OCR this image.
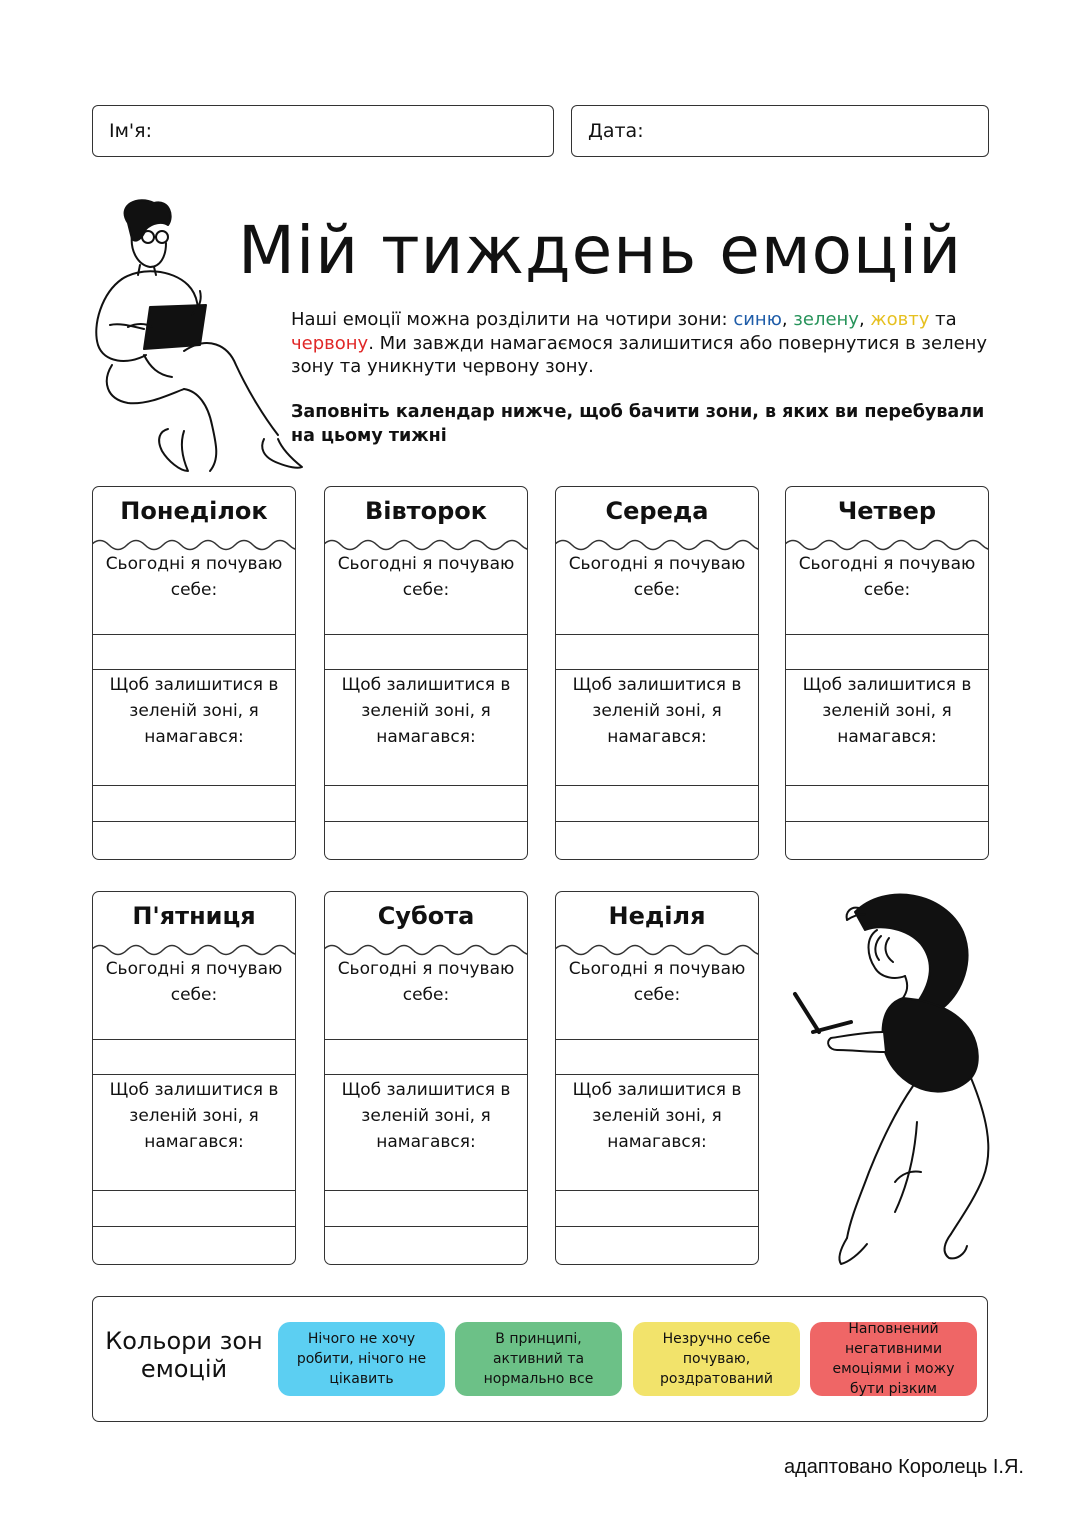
Ім'я:	Дата:
Мій тиждень емоцій

Наші емоції можна розділити на чотири зони: синю, зелену, жовту та червону. Ми завжди намагаємося залишитися або повернутися в зелену зону та уникнути червону зону.

Заповніть календар нижче, щоб бачити зони, в яких ви перебували на цьому тижні

Понеділок
Сьогодні я почуваю себе:
Щоб залишитися в зеленій зоні, я намагався:
Вівторок
Сьогодні я почуваю себе:
Щоб залишитися в зеленій зоні, я намагався:
Середа
Сьогодні я почуваю себе:
Щоб залишитися в зеленій зоні, я намагався:
Четвер
Сьогодні я почуваю себе:
Щоб залишитися в зеленій зоні, я намагався:
П'ятниця
Сьогодні я почуваю себе:
Щоб залишитися в зеленій зоні, я намагався:
Субота
Сьогодні я почуваю себе:
Щоб залишитися в зеленій зоні, я намагався:
Неділя
Сьогодні я почуваю себе:
Щоб залишитися в зеленій зоні, я намагався:
Кольори зон емоцій
Нічого не хочу робити, нічого не цікавить
В принципі, активний та нормально все
Незручно себе почуваю, роздратований
Наповнений негативними емоціями і можу бути різким
адаптовано Королець І.Я.
